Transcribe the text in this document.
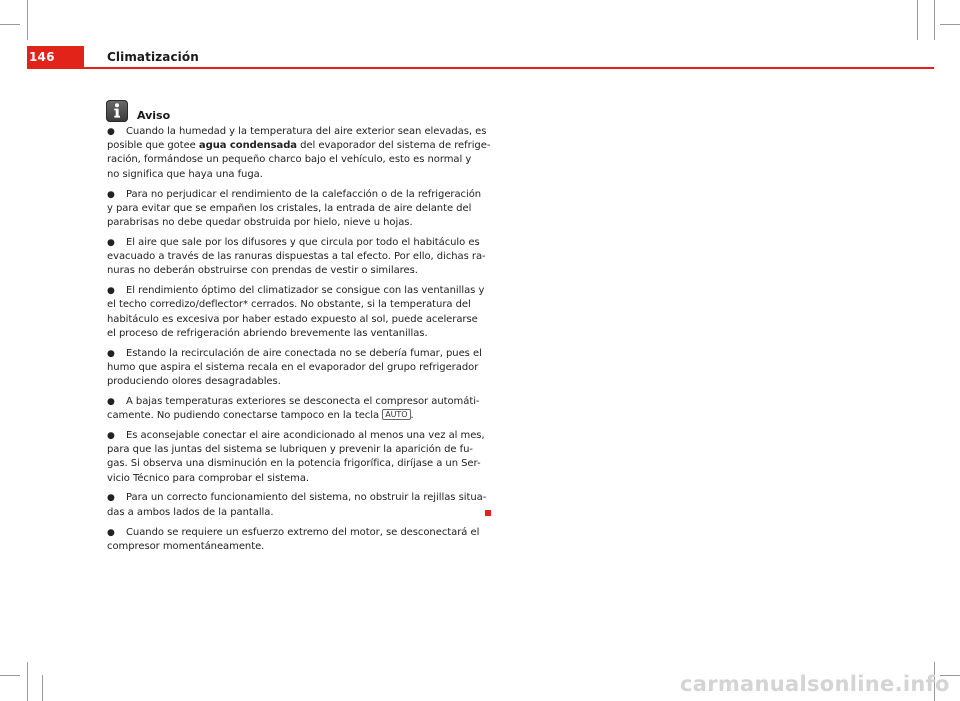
146	Climatización
Aviso

● Cuando la humedad y la temperatura del aire exterior sean elevadas, es
posible que gotee agua condensada del evaporador del sistema de refrige-
ración, formándose un pequeño charco bajo el vehículo, esto es normal y
no significa que haya una fuga.

● Para no perjudicar el rendimiento de la calefacción o de la refrigeración
y para evitar que se empañen los cristales, la entrada de aire delante del
parabrisas no debe quedar obstruida por hielo, nieve u hojas.

● El aire que sale por los difusores y que circula por todo el habitáculo es
evacuado a través de las ranuras dispuestas a tal efecto. Por ello, dichas ra-
nuras no deberán obstruirse con prendas de vestir o similares.

● El rendimiento óptimo del climatizador se consigue con las ventanillas y
el techo corredizo/deflector* cerrados. No obstante, si la temperatura del
habitáculo es excesiva por haber estado expuesto al sol, puede acelerarse
el proceso de refrigeración abriendo brevemente las ventanillas.

● Estando la recirculación de aire conectada no se debería fumar, pues el
humo que aspira el sistema recala en el evaporador del grupo refrigerador
produciendo olores desagradables.

● A bajas temperaturas exteriores se desconecta el compresor automáti-
camente. No pudiendo conectarse tampoco en la tecla AUTO .

● Es aconsejable conectar el aire acondicionado al menos una vez al mes,
para que las juntas del sistema se lubriquen y prevenir la aparición de fu-
gas. Si observa una disminución en la potencia frigorífica, diríjase a un Ser-
vicio Técnico para comprobar el sistema.

● Para un correcto funcionamiento del sistema, no obstruir la rejillas situa-
das a ambos lados de la pantalla.

● Cuando se requiere un esfuerzo extremo del motor, se desconectará el
compresor momentáneamente.

carmanualsonline.info
